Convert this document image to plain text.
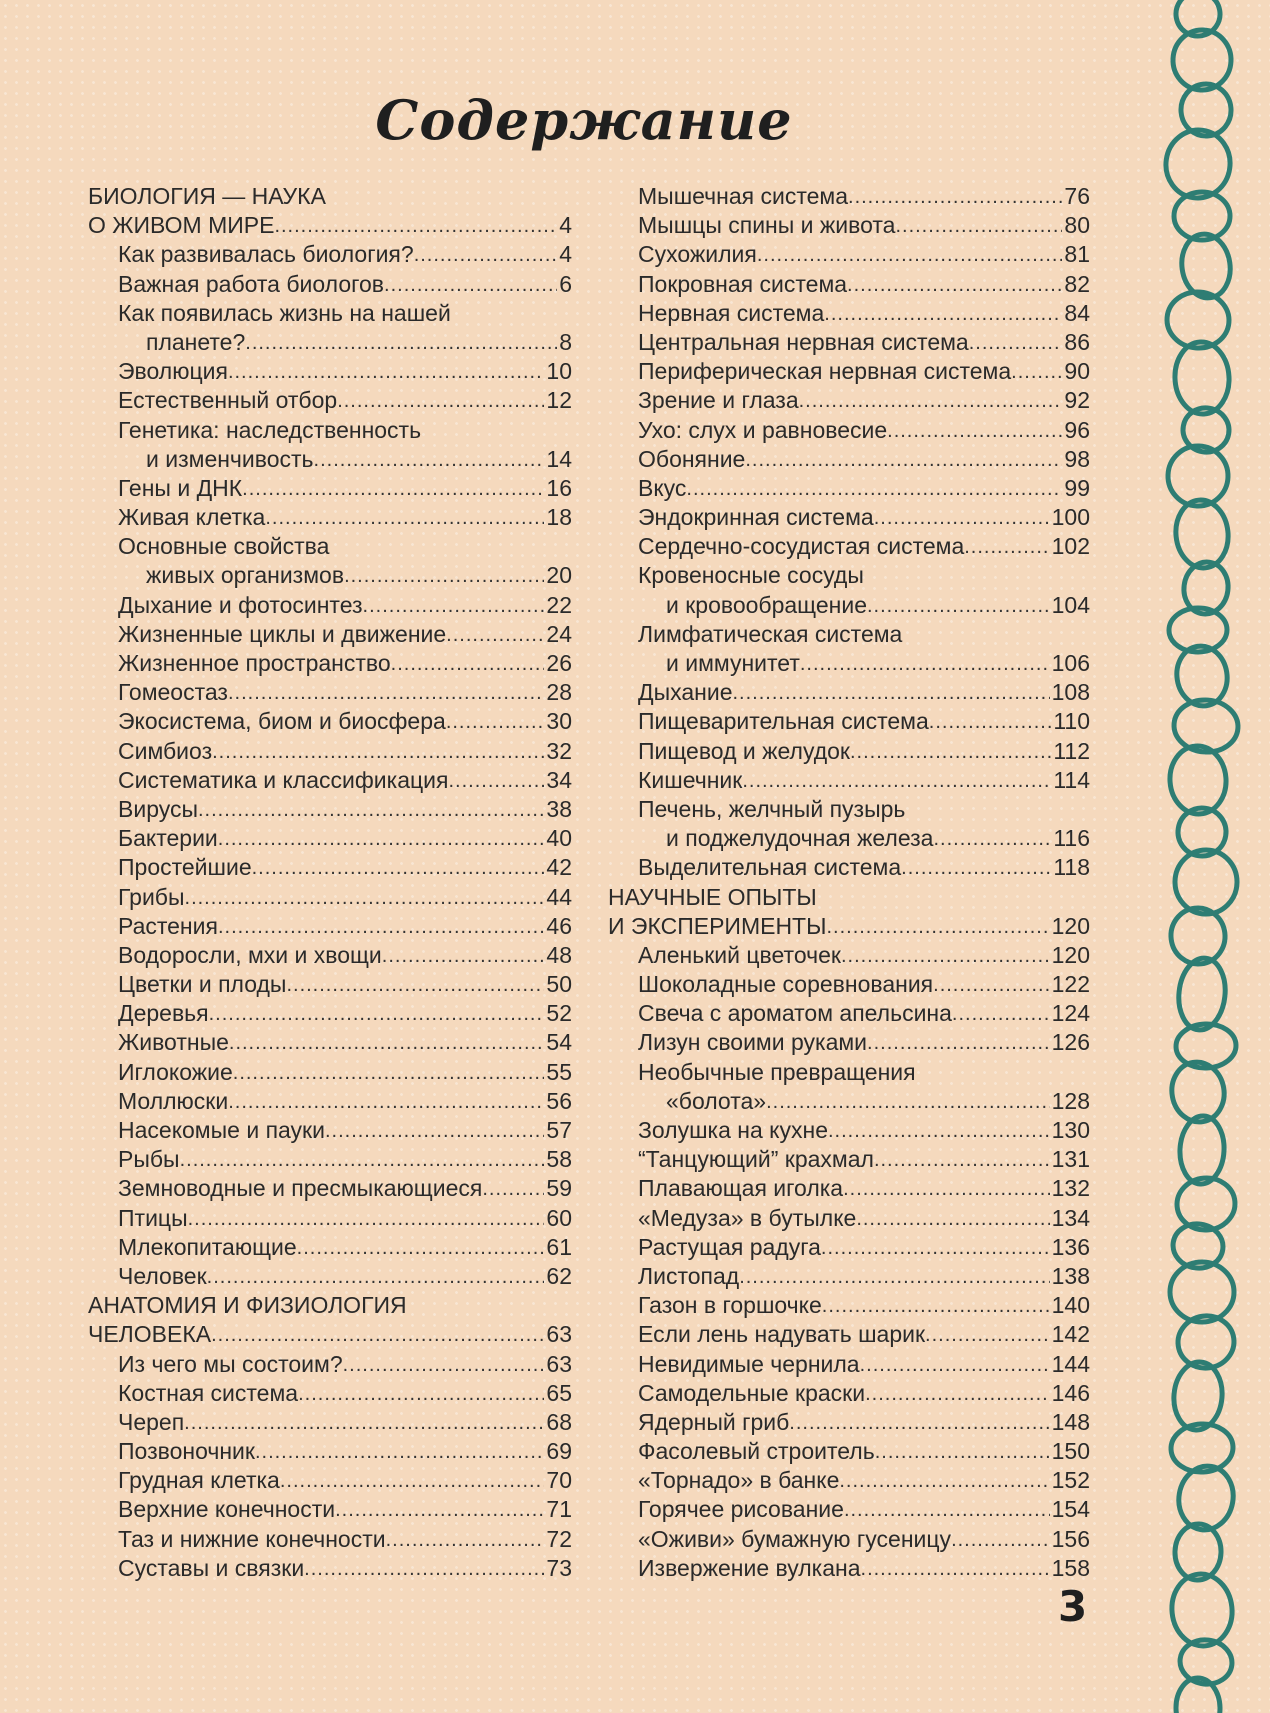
Содержание
БИОЛОГИЯ — НАУКА
О ЖИВОМ МИРЕ .....	4
Как развивалась биология? .....	4
Важная работа биологов .....	6
Как появилась жизнь на нашей
планете? .....	8
Эволюция .....	10
Естественный отбор .....	12
Генетика: наследственность
и изменчивость .....	14
Гены и ДНК .....	16
Живая клетка .....	18
Основные свойства
живых организмов .....	20
Дыхание и фотосинтез .....	22
Жизненные циклы и движение .....	24
Жизненное пространство .....	26
Гомеостаз .....	28
Экосистема, биом и биосфера .....	30
Симбиоз .....	32
Систематика и классификация .....	34
Вирусы .....	38
Бактерии .....	40
Простейшие .....	42
Грибы .....	44
Растения .....	46
Водоросли, мхи и хвощи .....	48
Цветки и плоды .....	50
Деревья .....	52
Животные .....	54
Иглокожие .....	55
Моллюски .....	56
Насекомые и пауки .....	57
Рыбы .....	58
Земноводные и пресмыкающиеся .....	59
Птицы .....	60
Млекопитающие .....	61
Человек .....	62
АНАТОМИЯ И ФИЗИОЛОГИЯ
ЧЕЛОВЕКА .....	63
Из чего мы состоим? .....	63
Костная система .....	65
Череп .....	68
Позвоночник .....	69
Грудная клетка .....	70
Верхние конечности .....	71
Таз и нижние конечности .....	72
Суставы и связки .....	73
Мышечная система .....	76
Мышцы спины и живота .....	80
Сухожилия .....	81
Покровная система .....	82
Нервная система .....	84
Центральная нервная система .....	86
Периферическая нервная система ..... 90
Зрение и глаза .....	92
Ухо: слух и равновесие .....	96
Обоняние .....	98
Вкус .....	99
Эндокринная система .....	100
Сердечно-сосудистая система .....	102
Кровеносные сосуды
и кровообращение .....	104
Лимфатическая система
и иммунитет .....	106
Дыхание .....	108
Пищеварительная система .....	110
Пищевод и желудок .....	112
Кишечник .....	114
Печень, желчный пузырь
и поджелудочная железа .....	116
Выделительная система .....	118
НАУЧНЫЕ ОПЫТЫ
И ЭКСПЕРИМЕНТЫ .....	120
Аленький цветочек .....	120
Шоколадные соревнования .....	122
Свеча с ароматом апельсина .....	124
Лизун своими руками .....	126
Необычные превращения
«болота» .....	128
Золушка на кухне .....	130
“Танцующий” крахмал .....	131
Плавающая иголка .....	132
«Медуза» в бутылке .....	134
Растущая радуга .....	136
Листопад .....	138
Газон в горшочке .....	140
Если лень надувать шарик .....	142
Невидимые чернила .....	144
Самодельные краски .....	146
Ядерный гриб .....	148
Фасолевый строитель .....	150
«Торнадо» в банке .....	152
Горячее рисование .....	154
«Оживи» бумажную гусеницу .....	156
Извержение вулкана .....	158
3
